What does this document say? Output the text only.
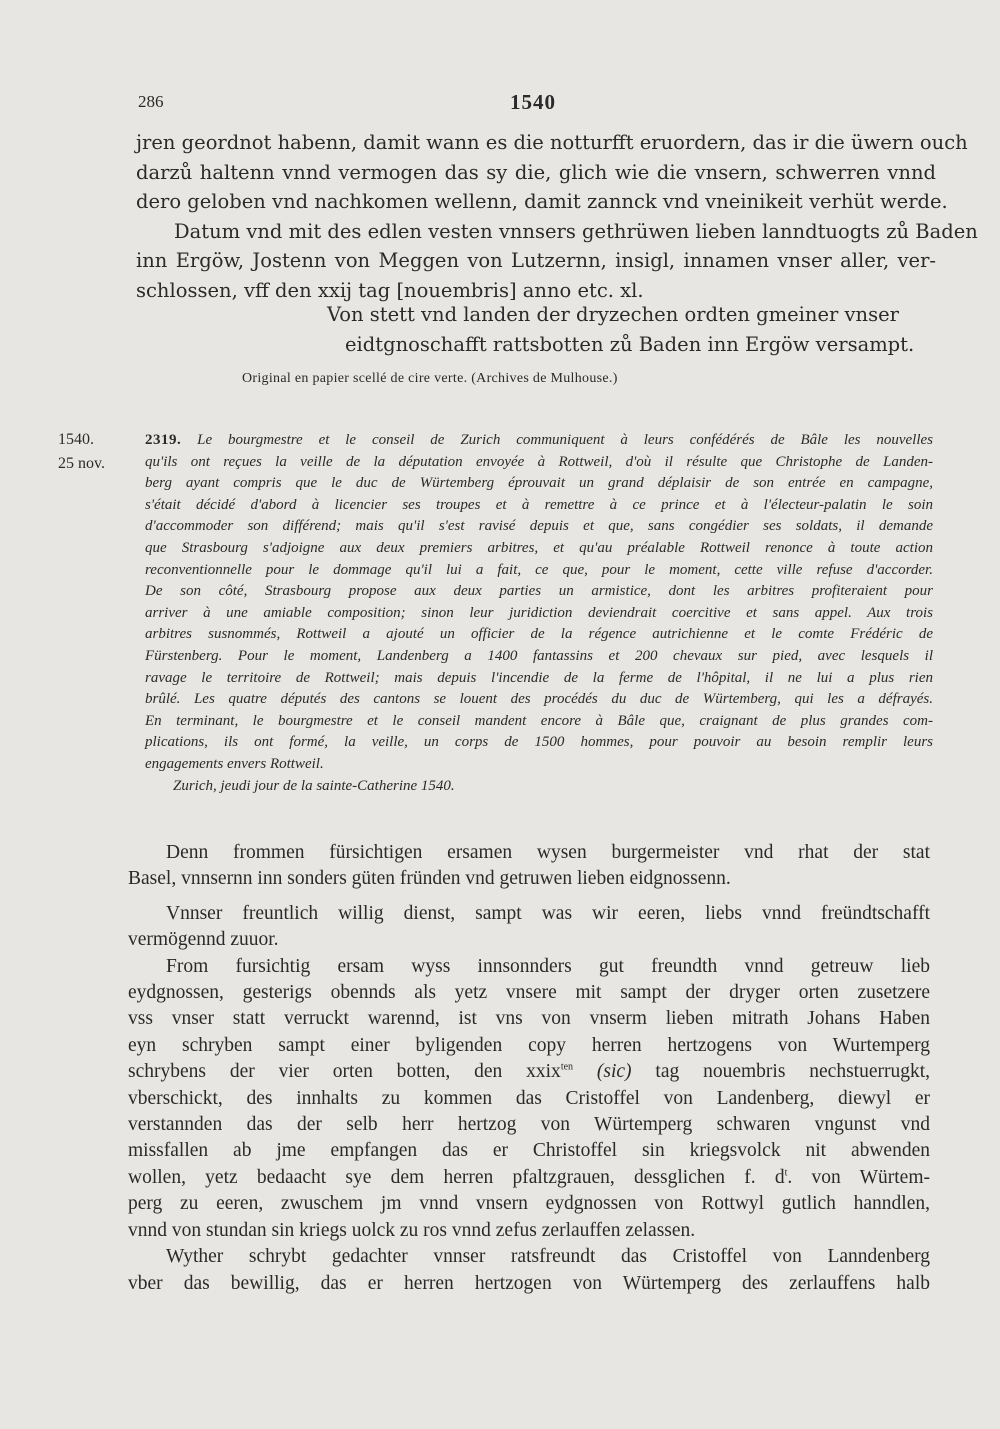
286	1540
jren geordnot habenn, damit wann es die notturfft eruordern, das ir die üwern ouch
darzů haltenn vnnd vermogen das sy die, glich wie die vnsern, schwerren vnnd
dero geloben vnd nachkomen wellenn, damit zannck vnd vneinikeit verhüt werde.
Datum vnd mit des edlen vesten vnnsers gethrüwen lieben lanndtuogts zů Baden
inn Ergöw, Jostenn von Meggen von Lutzernn, insigl, innamen vnser aller, ver-
schlossen, vff den xxij tag [nouembris] anno etc. xl.
Von stett vnd landen der dryzechen ordten gmeiner vnser
eidtgnoschafft rattsbotten zů Baden inn Ergöw versampt.
Original en papier scellé de cire verte. (Archives de Mulhouse.)
1540.
25 nov.
2319. Le bourgmestre et le conseil de Zurich communiquent à leurs confédérés de Bâle les nouvelles
qu'ils ont reçues la veille de la députation envoyée à Rottweil, d'où il résulte que Christophe de Landen-
berg ayant compris que le duc de Würtemberg éprouvait un grand déplaisir de son entrée en campagne,
s'était décidé d'abord à licencier ses troupes et à remettre à ce prince et à l'électeur-palatin le soin
d'accommoder son différend; mais qu'il s'est ravisé depuis et que, sans congédier ses soldats, il demande
que Strasbourg s'adjoigne aux deux premiers arbitres, et qu'au préalable Rottweil renonce à toute action
reconventionnelle pour le dommage qu'il lui a fait, ce que, pour le moment, cette ville refuse d'accorder.
De son côté, Strasbourg propose aux deux parties un armistice, dont les arbitres profiteraient pour
arriver à une amiable composition; sinon leur juridiction deviendrait coercitive et sans appel. Aux trois
arbitres susnommés, Rottweil a ajouté un officier de la régence autrichienne et le comte Frédéric de
Fürstenberg. Pour le moment, Landenberg a 1400 fantassins et 200 chevaux sur pied, avec lesquels il
ravage le territoire de Rottweil; mais depuis l'incendie de la ferme de l'hôpital, il ne lui a plus rien
brûlé. Les quatre députés des cantons se louent des procédés du duc de Würtemberg, qui les a défrayés.
En terminant, le bourgmestre et le conseil mandent encore à Bâle que, craignant de plus grandes com-
plications, ils ont formé, la veille, un corps de 1500 hommes, pour pouvoir au besoin remplir leurs
engagements envers Rottweil.
Zurich, jeudi jour de la sainte-Catherine 1540.
Denn frommen fürsichtigen ersamen wysen burgermeister vnd rhat der stat
Basel, vnnsernn inn sonders güten fründen vnd getruwen lieben eidgnossenn.
Vnnser freuntlich willig dienst, sampt was wir eeren, liebs vnnd freündtschafft
vermögennd zuuor.
From fursichtig ersam wyss innsonnders gut freundth vnnd getreuw lieb
eydgnossen, gesterigs obennds als yetz vnsere mit sampt der dryger orten zusetzere
vss vnser statt verruckt warennd, ist vns von vnserm lieben mitrath Johans Haben
eyn schryben sampt einer byligenden copy herren hertzogens von Wurtemperg
schrybens der vier orten botten, den xxix$^{ten}$ (sic) tag nouembris nechstuerrugkt,
vberschickt, des innhalts zu kommen das Cristoffel von Landenberg, diewyl er
verstannden das der selb herr hertzog von Würtemperg schwaren vngunst vnd
missfallen ab jme empfangen das er Christoffel sin kriegsvolck nit abwenden
wollen, yetz bedaacht sye dem herren pfaltzgrauen, dessglichen f. $d^t$. von Würtem-
perg zu eeren, zwuschem jm vnnd vnsern eydgnossen von Rottwyl gutlich hanndlen,
vnnd von stundan sin kriegs uolck zu ros vnnd zefus zerlauffen zelassen.
Wyther schrybt gedachter vnnser ratsfreundt das Cristoffel von Lanndenberg
vber das bewillig, das er herren hertzogen von Würtemperg des zerlauffens halb
